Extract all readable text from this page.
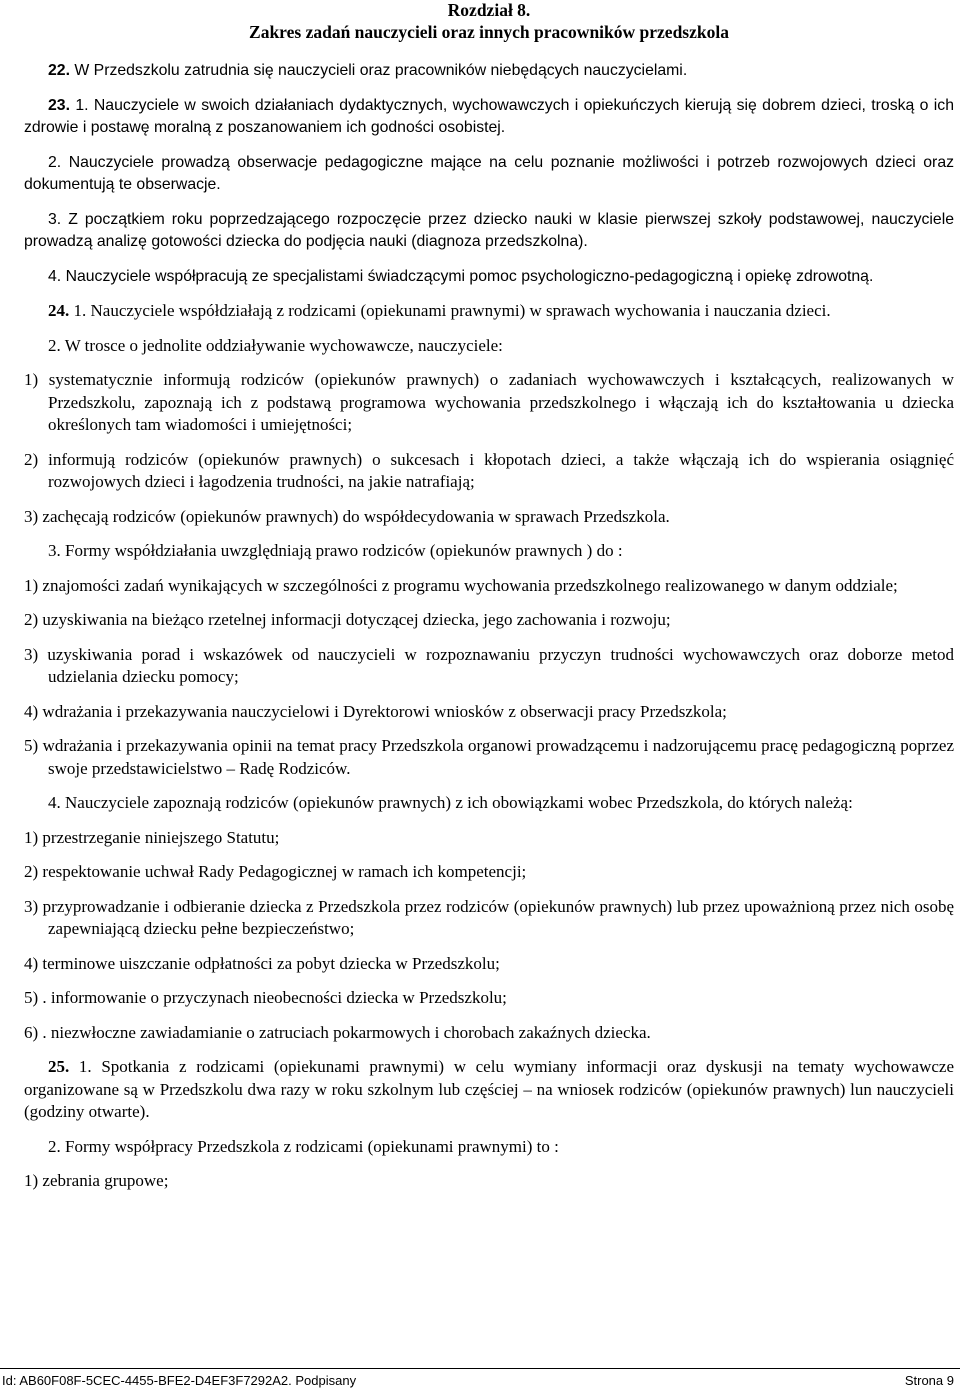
Rozdział 8.
Zakres zadań nauczycieli oraz innych pracowników przedszkola

22. W Przedszkolu zatrudnia się nauczycieli oraz pracowników niebędących nauczycielami.

23. 1. Nauczyciele w swoich działaniach dydaktycznych, wychowawczych i opiekuńczych kierują się dobrem dzieci, troską o ich zdrowie i postawę moralną z poszanowaniem ich godności osobistej.

2. Nauczyciele prowadzą obserwacje pedagogiczne mające na celu poznanie możliwości i potrzeb rozwojowych dzieci oraz dokumentują te obserwacje.

3. Z początkiem roku poprzedzającego rozpoczęcie przez dziecko nauki w klasie pierwszej szkoły podstawowej, nauczyciele prowadzą analizę gotowości dziecka do podjęcia nauki (diagnoza przedszkolna).

4. Nauczyciele współpracują ze specjalistami świadczącymi pomoc psychologiczno-pedagogiczną i opiekę zdrowotną.

24. 1. Nauczyciele współdziałają z rodzicami (opiekunami prawnymi) w sprawach wychowania i nauczania dzieci.

2. W trosce o jednolite oddziaływanie wychowawcze, nauczyciele:

1) systematycznie informują rodziców (opiekunów prawnych) o zadaniach wychowawczych i kształcących, realizowanych w Przedszkolu, zapoznają ich z podstawą programowa wychowania przedszkolnego i włączają ich do kształtowania u dziecka określonych tam wiadomości i umiejętności;

2) informują rodziców (opiekunów prawnych) o sukcesach i kłopotach dzieci, a także włączają ich do wspierania osiągnięć rozwojowych dzieci i łagodzenia trudności, na jakie natrafiają;

3) zachęcają rodziców (opiekunów prawnych) do współdecydowania w sprawach Przedszkola.

3. Formy współdziałania uwzględniają prawo rodziców (opiekunów prawnych ) do :

1) znajomości zadań wynikających w szczególności z programu wychowania przedszkolnego realizowanego w danym oddziale;

2) uzyskiwania na bieżąco rzetelnej informacji dotyczącej dziecka, jego zachowania i rozwoju;

3) uzyskiwania porad i wskazówek od nauczycieli w rozpoznawaniu przyczyn trudności wychowawczych oraz doborze metod udzielania dziecku pomocy;

4) wdrażania i przekazywania nauczycielowi i Dyrektorowi wniosków z obserwacji pracy Przedszkola;

5) wdrażania i przekazywania opinii na temat pracy Przedszkola organowi prowadzącemu i nadzorującemu pracę pedagogiczną poprzez swoje przedstawicielstwo – Radę Rodziców.

4. Nauczyciele zapoznają rodziców (opiekunów prawnych) z ich obowiązkami wobec Przedszkola, do których należą:

1) przestrzeganie niniejszego Statutu;

2) respektowanie uchwał Rady Pedagogicznej w ramach ich kompetencji;

3) przyprowadzanie i odbieranie dziecka z Przedszkola przez rodziców (opiekunów prawnych) lub przez upoważnioną przez nich osobę zapewniającą dziecku pełne bezpieczeństwo;

4) terminowe uiszczanie odpłatności za pobyt dziecka w Przedszkolu;

5) . informowanie o przyczynach nieobecności dziecka w Przedszkolu;

6) . niezwłoczne zawiadamianie o zatruciach pokarmowych i chorobach zakaźnych dziecka.

25. 1. Spotkania z rodzicami (opiekunami prawnymi) w celu wymiany informacji oraz dyskusji na tematy wychowawcze organizowane są w Przedszkolu dwa razy w roku szkolnym lub częściej – na wniosek rodziców (opiekunów prawnych) lun nauczycieli (godziny otwarte).

2. Formy współpracy Przedszkola z rodzicami (opiekunami prawnymi) to :

1) zebrania grupowe;

Id: AB60F08F-5CEC-4455-BFE2-D4EF3F7292A2. Podpisany	Strona 9
